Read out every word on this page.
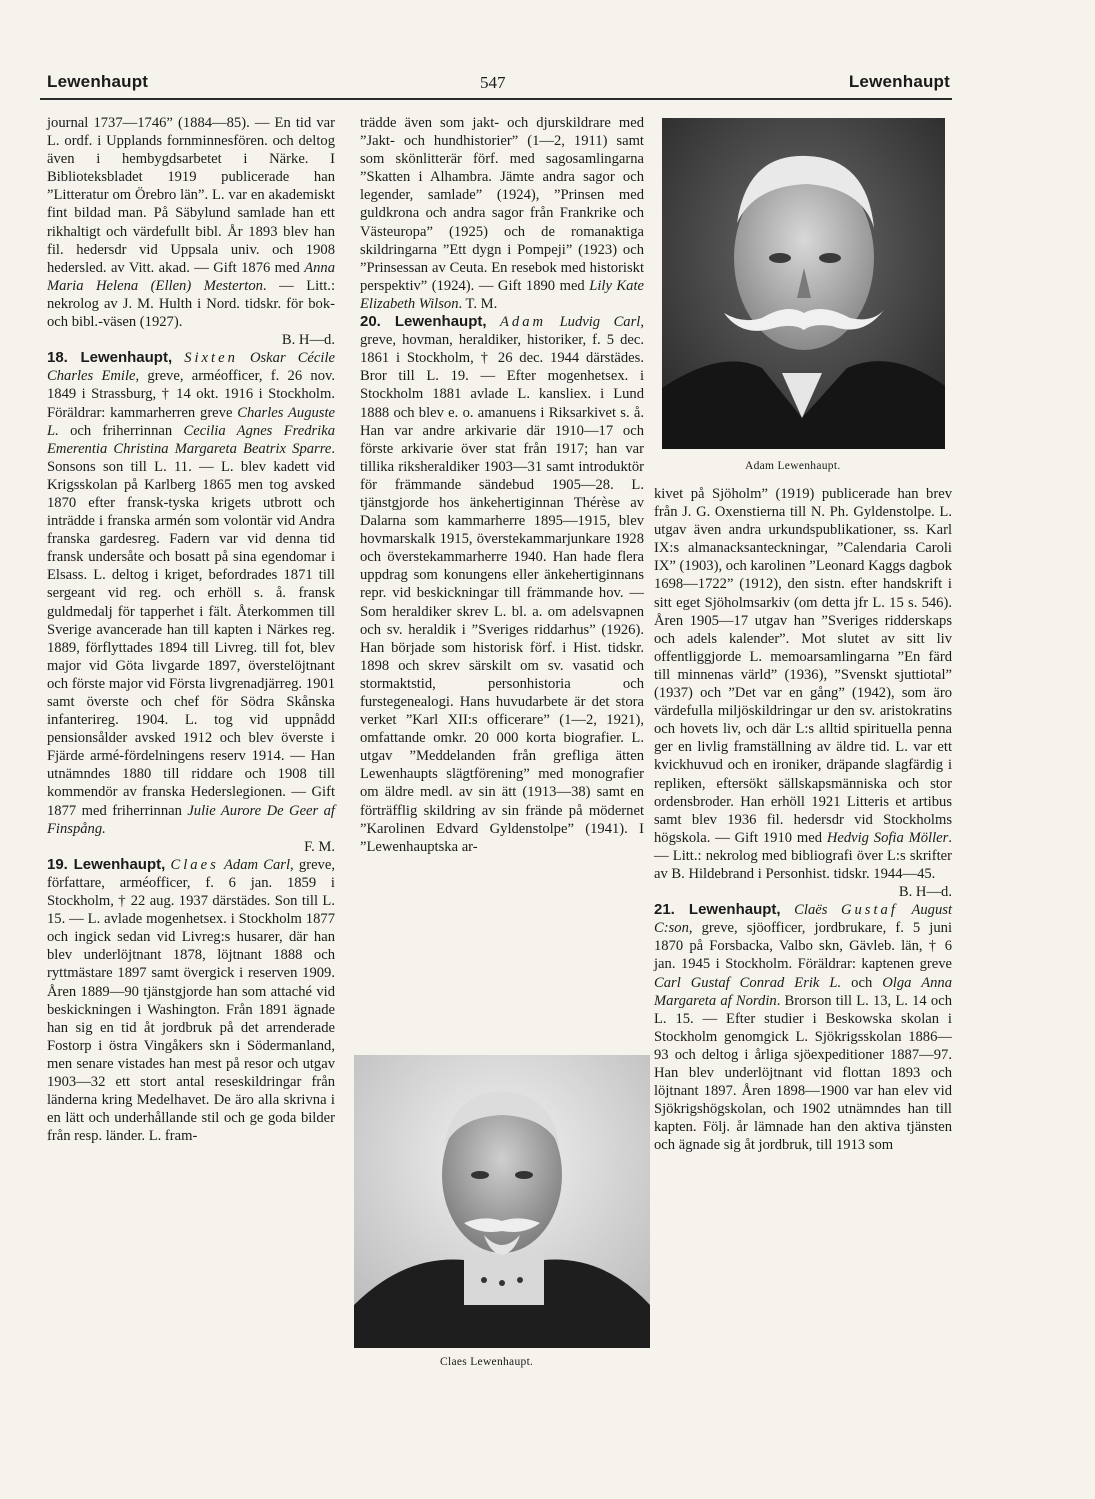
Lewenhaupt	547	Lewenhaupt

journal 1737—1746” (1884—85). — En tid var L. ordf. i Upplands fornminnesfören. och deltog även i hembygdsarbetet i Närke. I Biblioteksbladet 1919 publicerade han ”Litteratur om Örebro län”. L. var en akademiskt fint bildad man. På Säbylund samlade han ett rikhaltigt och värdefullt bibl. År 1893 blev han fil. hedersdr vid Uppsala univ. och 1908 hedersled. av Vitt. akad. — Gift 1876 med Anna Maria Helena (Ellen) Mesterton. — Litt.: nekrolog av J. M. Hulth i Nord. tidskr. för bok- och bibl.-väsen (1927).
B. H—d.

18. Lewenhaupt, Sixten Oskar Cécile Charles Emile, greve, arméofficer, f. 26 nov. 1849 i Strassburg, † 14 okt. 1916 i Stockholm. Föräldrar: kammarherren greve Charles Auguste L. och friherrinnan Cecilia Agnes Fredrika Emerentia Christina Margareta Beatrix Sparre. Sonsons son till L. 11. — L. blev kadett vid Krigsskolan på Karlberg 1865 men tog avsked 1870 efter fransk-tyska krigets utbrott och inträdde i franska armén som volontär vid Andra franska gardesreg. Fadern var vid denna tid fransk undersåte och bosatt på sina egendomar i Elsass. L. deltog i kriget, befordrades 1871 till sergeant vid reg. och erhöll s. å. fransk guldmedalj för tapperhet i fält. Återkommen till Sverige avancerade han till kapten i Närkes reg. 1889, förflyttades 1894 till Livreg. till fot, blev major vid Göta livgarde 1897, överstelöjtnant och förste major vid Första livgrenadjärreg. 1901 samt överste och chef för Södra Skånska infanterireg. 1904. L. tog vid uppnådd pensionsålder avsked 1912 och blev överste i Fjärde armé-fördelningens reserv 1914. — Han utnämndes 1880 till riddare och 1908 till kommendör av franska Hederslegionen. — Gift 1877 med friherrinnan Julie Aurore De Geer af Finspång.
F. M.

19. Lewenhaupt, Claes Adam Carl, greve, författare, arméofficer, f. 6 jan. 1859 i Stockholm, † 22 aug. 1937 därstädes. Son till L. 15. — L. avlade mogenhetsex. i Stockholm 1877 och ingick sedan vid Livreg:s husarer, där han blev underlöjtnant 1878, löjtnant 1888 och ryttmästare 1897 samt övergick i reserven 1909. Åren 1889—90 tjänstgjorde han som attaché vid beskickningen i Washington. Från 1891 ägnade han sig en tid åt jordbruk på det arrenderade Fostorp i östra Vingåkers skn i Södermanland, men senare vistades han mest på resor och utgav 1903—32 ett stort antal reseskildringar från länderna kring Medelhavet. De äro alla skrivna i en lätt och underhållande stil och ge goda bilder från resp. länder. L. fram-

trädde även som jakt- och djurskildrare med ”Jakt- och hundhistorier” (1—2, 1911) samt som skönlitterär förf. med sagosamlingarna ”Skatten i Alhambra. Jämte andra sagor och legender, samlade” (1924), ”Prinsen med guldkrona och andra sagor från Frankrike och Västeuropa” (1925) och de romanaktiga skildringarna ”Ett dygn i Pompeji” (1923) och ”Prinsessan av Ceuta. En resebok med historiskt perspektiv” (1924). — Gift 1890 med Lily Kate Elizabeth Wilson. T. M.

20. Lewenhaupt, Adam Ludvig Carl, greve, hovman, heraldiker, historiker, f. 5 dec. 1861 i Stockholm, † 26 dec. 1944 därstädes. Bror till L. 19. — Efter mogenhetsex. i Stockholm 1881 avlade L. kansliex. i Lund 1888 och blev e. o. amanuens i Riksarkivet s. å. Han var andre arkivarie där 1910—17 och förste arkivarie över stat från 1917; han var tillika riksheraldiker 1903—31 samt introduktör för främmande sändebud 1905—28. L. tjänstgjorde hos änkehertiginnan Thérèse av Dalarna som kammarherre 1895—1915, blev hovmarskalk 1915, överstekammarjunkare 1928 och överstekammarherre 1940. Han hade flera uppdrag som konungens eller änkehertiginnans repr. vid beskickningar till främmande hov. — Som heraldiker skrev L. bl. a. om adelsvapnen och sv. heraldik i ”Sveriges riddarhus” (1926). Han började som historisk förf. i Hist. tidskr. 1898 och skrev särskilt om sv. vasatid och stormaktstid, personhistoria och furstegenealogi. Hans huvudarbete är det stora verket ”Karl XII:s officerare” (1—2, 1921), omfattande omkr. 20 000 korta biografier. L. utgav ”Meddelanden från grefliga ätten Lewenhaupts slägtförening” med monografier om äldre medl. av sin ätt (1913—38) samt en förträfflig skildring av sin frände på mödernet ”Karolinen Edvard Gyldenstolpe” (1941). I ”Lewenhauptska ar-

Adam Lewenhaupt.
Claes Lewenhaupt.

kivet på Sjöholm” (1919) publicerade han brev från J. G. Oxenstierna till N. Ph. Gyldenstolpe. L. utgav även andra urkundspublikationer, ss. Karl IX:s almanacksanteckningar, ”Calendaria Caroli IX” (1903), och karolinen ”Leonard Kaggs dagbok 1698—1722” (1912), den sistn. efter handskrift i sitt eget Sjöholmsarkiv (om detta jfr L. 15 s. 546). Åren 1905—17 utgav han ”Sveriges ridderskaps och adels kalender”. Mot slutet av sitt liv offentliggjorde L. memoarsamlingarna ”En färd till minnenas värld” (1936), ”Svenskt sjuttiotal” (1937) och ”Det var en gång” (1942), som äro värdefulla miljöskildringar ur den sv. aristokratins och hovets liv, och där L:s alltid spirituella penna ger en livlig framställning av äldre tid. L. var ett kvickhuvud och en ironiker, dräpande slagfärdig i repliken, eftersökt sällskapsmänniska och stor ordensbroder. Han erhöll 1921 Litteris et artibus samt blev 1936 fil. hedersdr vid Stockholms högskola. — Gift 1910 med Hedvig Sofia Möller. — Litt.: nekrolog med bibliografi över L:s skrifter av B. Hildebrand i Personhist. tidskr. 1944—45.
B. H—d.

21. Lewenhaupt, Claës Gustaf August C:son, greve, sjöofficer, jordbrukare, f. 5 juni 1870 på Forsbacka, Valbo skn, Gävleb. län, † 6 jan. 1945 i Stockholm. Föräldrar: kaptenen greve Carl Gustaf Conrad Erik L. och Olga Anna Margareta af Nordin. Brorson till L. 13, L. 14 och L. 15. — Efter studier i Beskowska skolan i Stockholm genomgick L. Sjökrigsskolan 1886—93 och deltog i årliga sjöexpeditioner 1887—97. Han blev underlöjtnant vid flottan 1893 och löjtnant 1897. Åren 1898—1900 var han elev vid Sjökrigshögskolan, och 1902 utnämndes han till kapten. Följ. år lämnade han den aktiva tjänsten och ägnade sig åt jordbruk, till 1913 som
